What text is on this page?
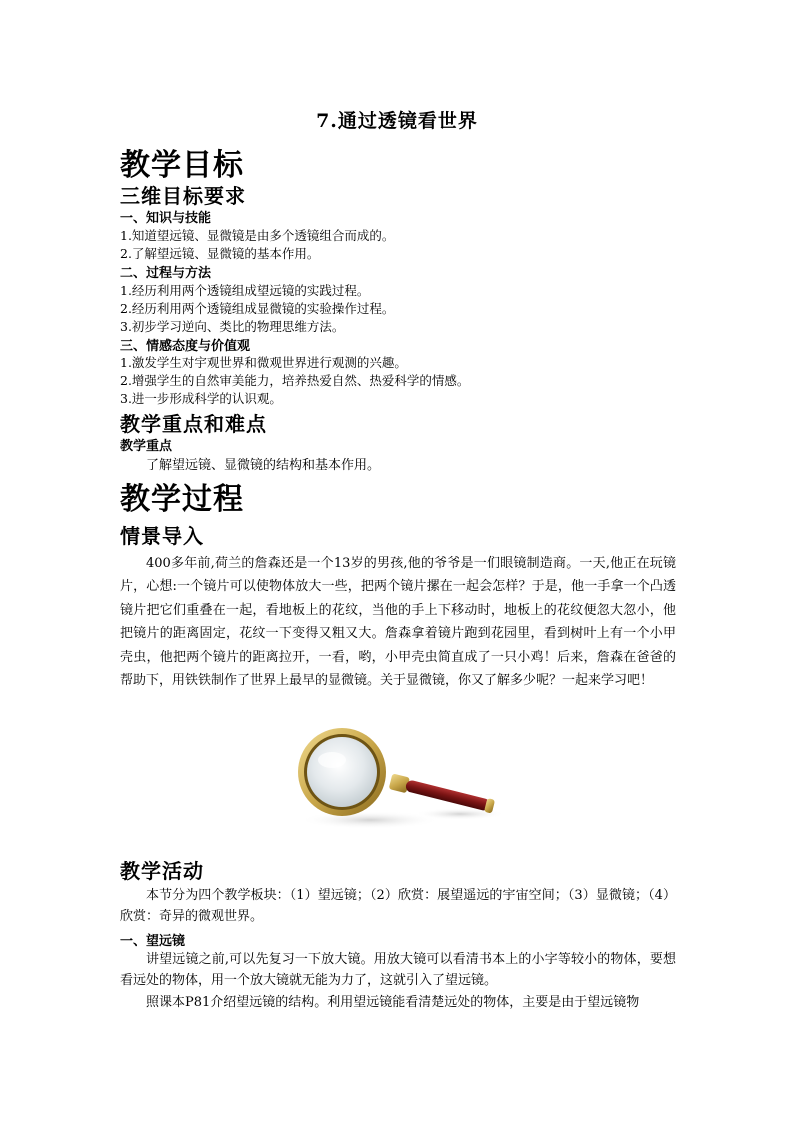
7.通过透镜看世界
教学目标
三维目标要求
一、知识与技能
1.知道望远镜、显微镜是由多个透镜组合而成的。
2.了解望远镜、显微镜的基本作用。
二、过程与方法
1.经历利用两个透镜组成望远镜的实践过程。
2.经历利用两个透镜组成显微镜的实验操作过程。
3.初步学习逆向、类比的物理思维方法。
三、情感态度与价值观
1.激发学生对宇观世界和微观世界进行观测的兴趣。
2.增强学生的自然审美能力，培养热爱自然、热爱科学的情感。
3.进一步形成科学的认识观。
教学重点和难点
教学重点
了解望远镜、显微镜的结构和基本作用。
教学过程
情景导入
400多年前,荷兰的詹森还是一个13岁的男孩,他的爷爷是一们眼镜制造商。一天,他正在玩镜片，心想:一个镜片可以使物体放大一些，把两个镜片摞在一起会怎样？于是，他一手拿一个凸透镜片把它们重叠在一起，看地板上的花纹，当他的手上下移动时，地板上的花纹便忽大忽小，他把镜片的距离固定，花纹一下变得又粗又大。詹森拿着镜片跑到花园里，看到树叶上有一个小甲壳虫，他把两个镜片的距离拉开，一看，哟，小甲壳虫简直成了一只小鸡！后来，詹森在爸爸的帮助下，用铁铁制作了世界上最早的显微镜。关于显微镜，你又了解多少呢？一起来学习吧！
教学活动
本节分为四个教学板块：（1）望远镜；（2）欣赏：展望遥远的宇宙空间；（3）显微镜；（4）欣赏：奇异的微观世界。
一、望远镜
讲望远镜之前,可以先复习一下放大镜。用放大镜可以看清书本上的小字等较小的物体，要想看远处的物体，用一个放大镜就无能为力了，这就引入了望远镜。
照课本P81介绍望远镜的结构。利用望远镜能看清楚远处的物体，主要是由于望远镜物
